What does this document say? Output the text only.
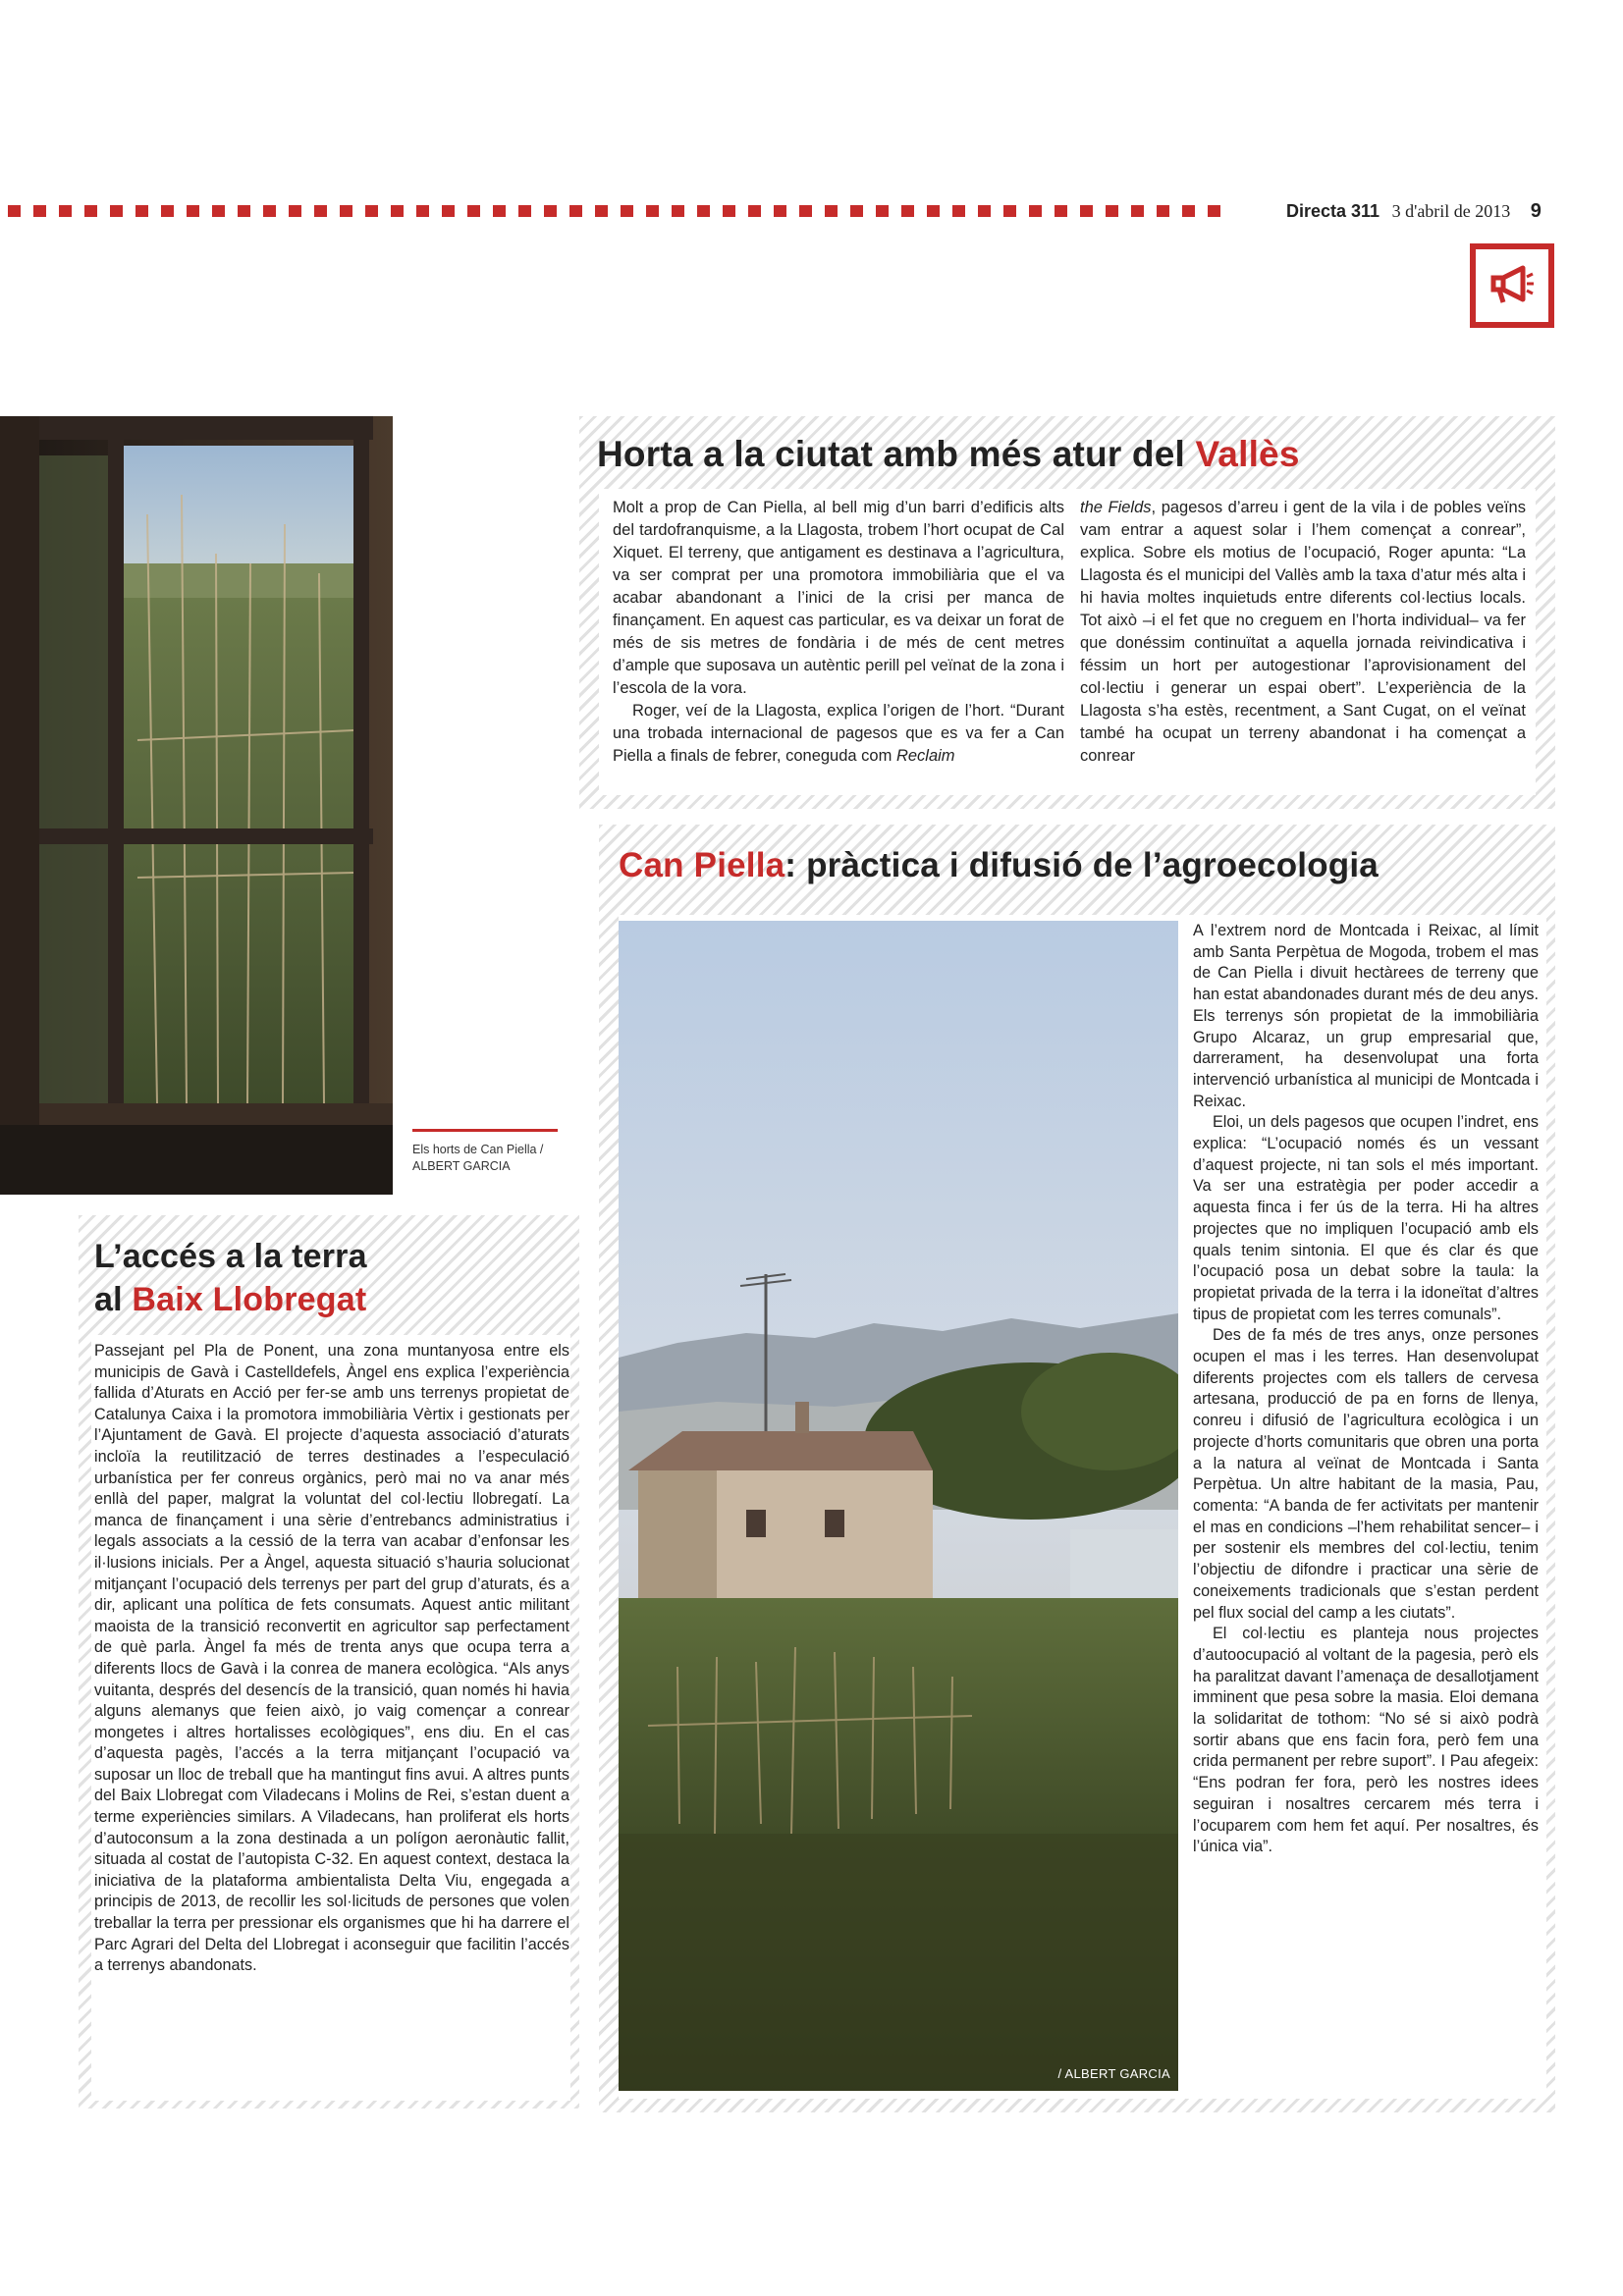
Directa 311 3 d'abril de 2013 9
Els horts de Can Piella / ALBERT GARCIA
Horta a la ciutat amb més atur del Vallès

Molt a prop de Can Piella, al bell mig d’un barri d’edificis alts del tardofranquisme, a la Llagosta, trobem l’hort ocupat de Cal Xiquet. El terreny, que antigament es destinava a l’agricultura, va ser comprat per una promotora immobiliària que el va acabar abandonant a l’inici de la crisi per manca de finançament. En aquest cas particular, es va deixar un forat de més de sis metres de fondària i de més de cent metres d’ample que suposava un autèntic perill pel veïnat de la zona i l’escola de la vora.

Roger, veí de la Llagosta, explica l’origen de l’hort. “Durant una trobada internacional de pagesos que es va fer a Can Piella a finals de febrer, coneguda com Reclaim

the Fields, pagesos d’arreu i gent de la vila i de pobles veïns vam entrar a aquest solar i l’hem començat a conrear”, explica. Sobre els motius de l’ocupació, Roger apunta: “La Llagosta és el municipi del Vallès amb la taxa d’atur més alta i hi havia moltes inquietuds entre diferents col·lectius locals. Tot això –i el fet que no creguem en l’horta individual– va fer que donéssim continuïtat a aquella jornada reivindicativa i féssim un hort per autogestionar l’aprovisionament del col·lectiu i generar un espai obert”. L’experiència de la Llagosta s’ha estès, recentment, a Sant Cugat, on el veïnat també ha ocupat un terreny abandonat i ha començat a conrear

L’accés a la terra
al Baix Llobregat
Passejant pel Pla de Ponent, una zona muntanyosa entre els municipis de Gavà i Castelldefels, Àngel ens explica l’experiència fallida d’Aturats en Acció per fer-se amb uns terrenys propietat de Catalunya Caixa i la promotora immobiliària Vèrtix i gestionats per l’Ajuntament de Gavà. El projecte d’aquesta associació d’aturats incloïa la reutilització de terres destinades a l’especulació urbanística per fer conreus orgànics, però mai no va anar més enllà del paper, malgrat la voluntat del col·lectiu llobregatí. La manca de finançament i una sèrie d’entrebancs administratius i legals associats a la cessió de la terra van acabar d’enfonsar les il·lusions inicials. Per a Àngel, aquesta situació s’hauria solucionat mitjançant l’ocupació dels terrenys per part del grup d’aturats, és a dir, aplicant una política de fets consumats. Aquest antic militant maoista de la transició reconvertit en agricultor sap perfectament de què parla. Àngel fa més de trenta anys que ocupa terra a diferents llocs de Gavà i la conrea de manera ecològica. “Als anys vuitanta, després del desencís de la transició, quan només hi havia alguns alemanys que feien això, jo vaig començar a conrear mongetes i altres hortalisses ecològiques”, ens diu. En el cas d’aquesta pagès, l’accés a la terra mitjançant l’ocupació va suposar un lloc de treball que ha mantingut fins avui. A altres punts del Baix Llobregat com Viladecans i Molins de Rei, s’estan duent a terme experiències similars. A Viladecans, han proliferat els horts d’autoconsum a la zona destinada a un polígon aeronàutic fallit, situada al costat de l’autopista C-32. En aquest context, destaca la iniciativa de la plataforma ambientalista Delta Viu, engegada a principis de 2013, de recollir les sol·licituds de persones que volen treballar la terra per pressionar els organismes que hi ha darrere el Parc Agrari del Delta del Llobregat i aconseguir que facilitin l’accés a terrenys abandonats.
Can Piella: pràctica i difusió de l’agroecologia
/ ALBERT GARCIA

A l’extrem nord de Montcada i Reixac, al límit amb Santa Perpètua de Mogoda, trobem el mas de Can Piella i divuit hectàrees de terreny que han estat abandonades durant més de deu anys. Els terrenys són propietat de la immobiliària Grupo Alcaraz, un grup empresarial que, darrerament, ha desenvolupat una forta intervenció urbanística al municipi de Montcada i Reixac.

Eloi, un dels pagesos que ocupen l’indret, ens explica: “L’ocupació només és un vessant d’aquest projecte, ni tan sols el més important. Va ser una estratègia per poder accedir a aquesta finca i fer ús de la terra. Hi ha altres projectes que no impliquen l’ocupació amb els quals tenim sintonia. El que és clar és que l’ocupació posa un debat sobre la taula: la propietat privada de la terra i la idoneïtat d’altres tipus de propietat com les terres comunals”.

Des de fa més de tres anys, onze persones ocupen el mas i les terres. Han desenvolupat diferents projectes com els tallers de cervesa artesana, producció de pa en forns de llenya, conreu i difusió de l’agricultura ecològica i un projecte d’horts comunitaris que obren una porta a la natura al veïnat de Montcada i Santa Perpètua. Un altre habitant de la masia, Pau, comenta: “A banda de fer activitats per mantenir el mas en condicions –l’hem rehabilitat sencer– i per sostenir els membres del col·lectiu, tenim l’objectiu de difondre i practicar una sèrie de coneixements tradicionals que s’estan perdent pel flux social del camp a les ciutats”.

El col·lectiu es planteja nous projectes d’autoocupació al voltant de la pagesia, però els ha paralitzat davant l’amenaça de desallotjament imminent que pesa sobre la masia. Eloi demana la solidaritat de tothom: “No sé si això podrà sortir abans que ens facin fora, però fem una crida permanent per rebre suport”. I Pau afegeix: “Ens podran fer fora, però les nostres idees seguiran i nosaltres cercarem més terra i l’ocuparem com hem fet aquí. Per nosaltres, és l’única via”.
